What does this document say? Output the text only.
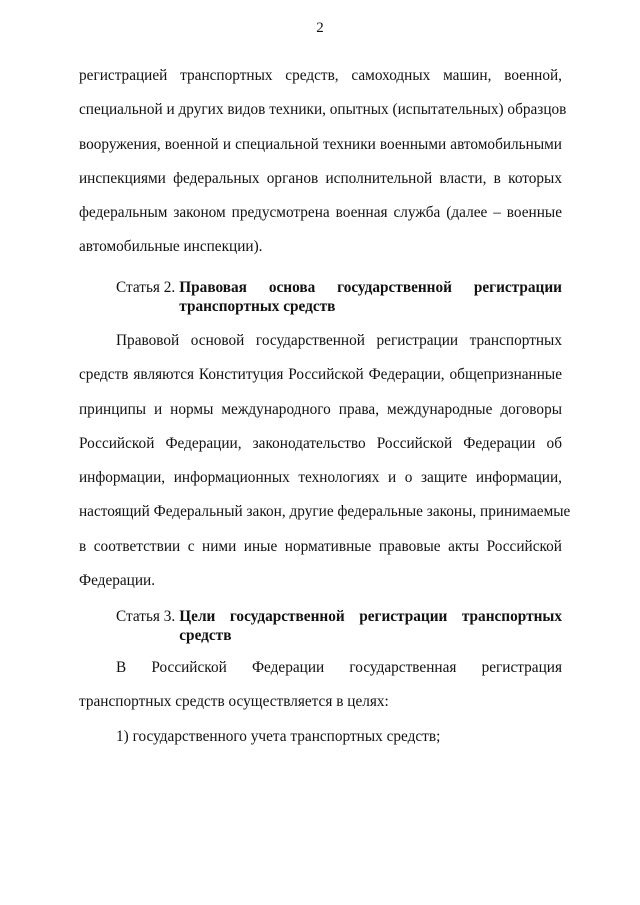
2
регистрацией транспортных средств, самоходных машин, военной,
специальной и других видов техники, опытных (испытательных) образцов
вооружения, военной и специальной техники военными автомобильными
инспекциями федеральных органов исполнительной власти, в которых
федеральным законом предусмотрена военная служба (далее – военные
автомобильные инспекции).
Статья 2. Правовая основа государственной регистрации
транспортных средств
Правовой основой государственной регистрации транспортных
средств являются Конституция Российской Федерации, общепризнанные
принципы и нормы международного права, международные договоры
Российской Федерации, законодательство Российской Федерации об
информации, информационных технологиях и о защите информации,
настоящий Федеральный закон, другие федеральные законы, принимаемые
в соответствии с ними иные нормативные правовые акты Российской
Федерации.
Статья 3. Цели государственной регистрации транспортных
средств
В Российской Федерации государственная регистрация
транспортных средств осуществляется в целях:
1) государственного учета транспортных средств;
